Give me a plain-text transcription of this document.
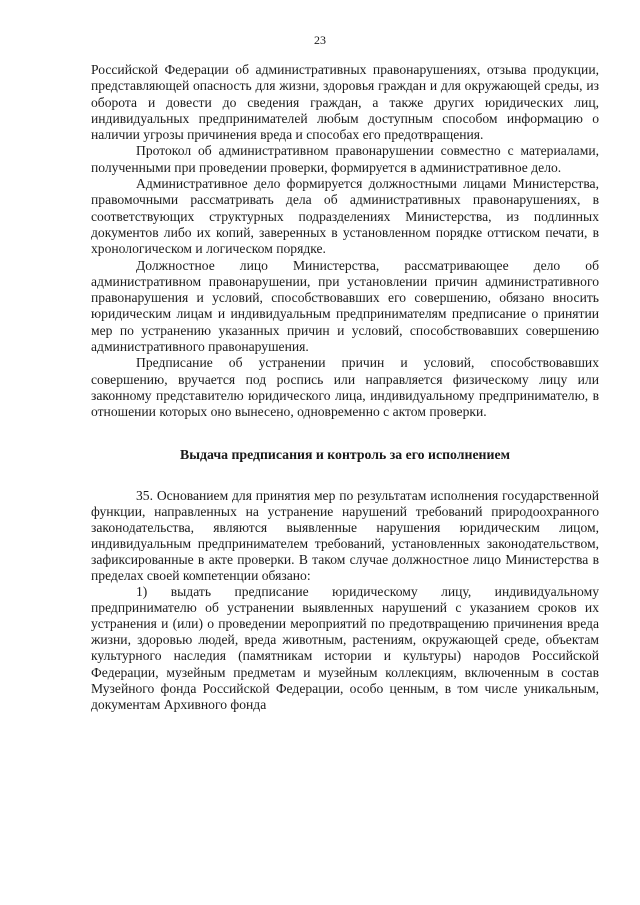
23

Российской Федерации об административных правонарушениях, отзыва продукции, представляющей опасность для жизни, здоровья граждан и для окружающей среды, из оборота и довести до сведения граждан, а также других юридических лиц, индивидуальных предпринимателей любым доступным способом информацию о наличии угрозы причинения вреда и способах его предотвращения.

Протокол об административном правонарушении совместно с материалами, полученными при проведении проверки, формируется в административное дело.

Административное дело формируется должностными лицами Министерства, правомочными рассматривать дела об административных правонарушениях, в соответствующих структурных подразделениях Министерства, из подлинных документов либо их копий, заверенных в установленном порядке оттиском печати, в хронологическом и логическом порядке.

Должностное лицо Министерства, рассматривающее дело об административном правонарушении, при установлении причин административного правонарушения и условий, способствовавших его совершению, обязано вносить юридическим лицам и индивидуальным предпринимателям предписание о принятии мер по устранению указанных причин и условий, способствовавших совершению административного правонарушения.

Предписание об устранении причин и условий, способствовавших совершению, вручается под роспись или направляется физическому лицу или законному представителю юридического лица, индивидуальному предпринимателю, в отношении которых оно вынесено, одновременно с актом проверки.

Выдача предписания и контроль за его исполнением

35. Основанием для принятия мер по результатам исполнения государственной функции, направленных на устранение нарушений требований природоохранного законодательства, являются выявленные нарушения юридическим лицом, индивидуальным предпринимателем требований, установленных законодательством, зафиксированные в акте проверки. В таком случае должностное лицо Министерства в пределах своей компетенции обязано:

1) выдать предписание юридическому лицу, индивидуальному предпринимателю об устранении выявленных нарушений с указанием сроков их устранения и (или) о проведении мероприятий по предотвращению причинения вреда жизни, здоровью людей, вреда животным, растениям, окружающей среде, объектам культурного наследия (памятникам истории и культуры) народов Российской Федерации, музейным предметам и музейным коллекциям, включенным в состав Музейного фонда Российской Федерации, особо ценным, в том числе уникальным, документам Архивного фонда
